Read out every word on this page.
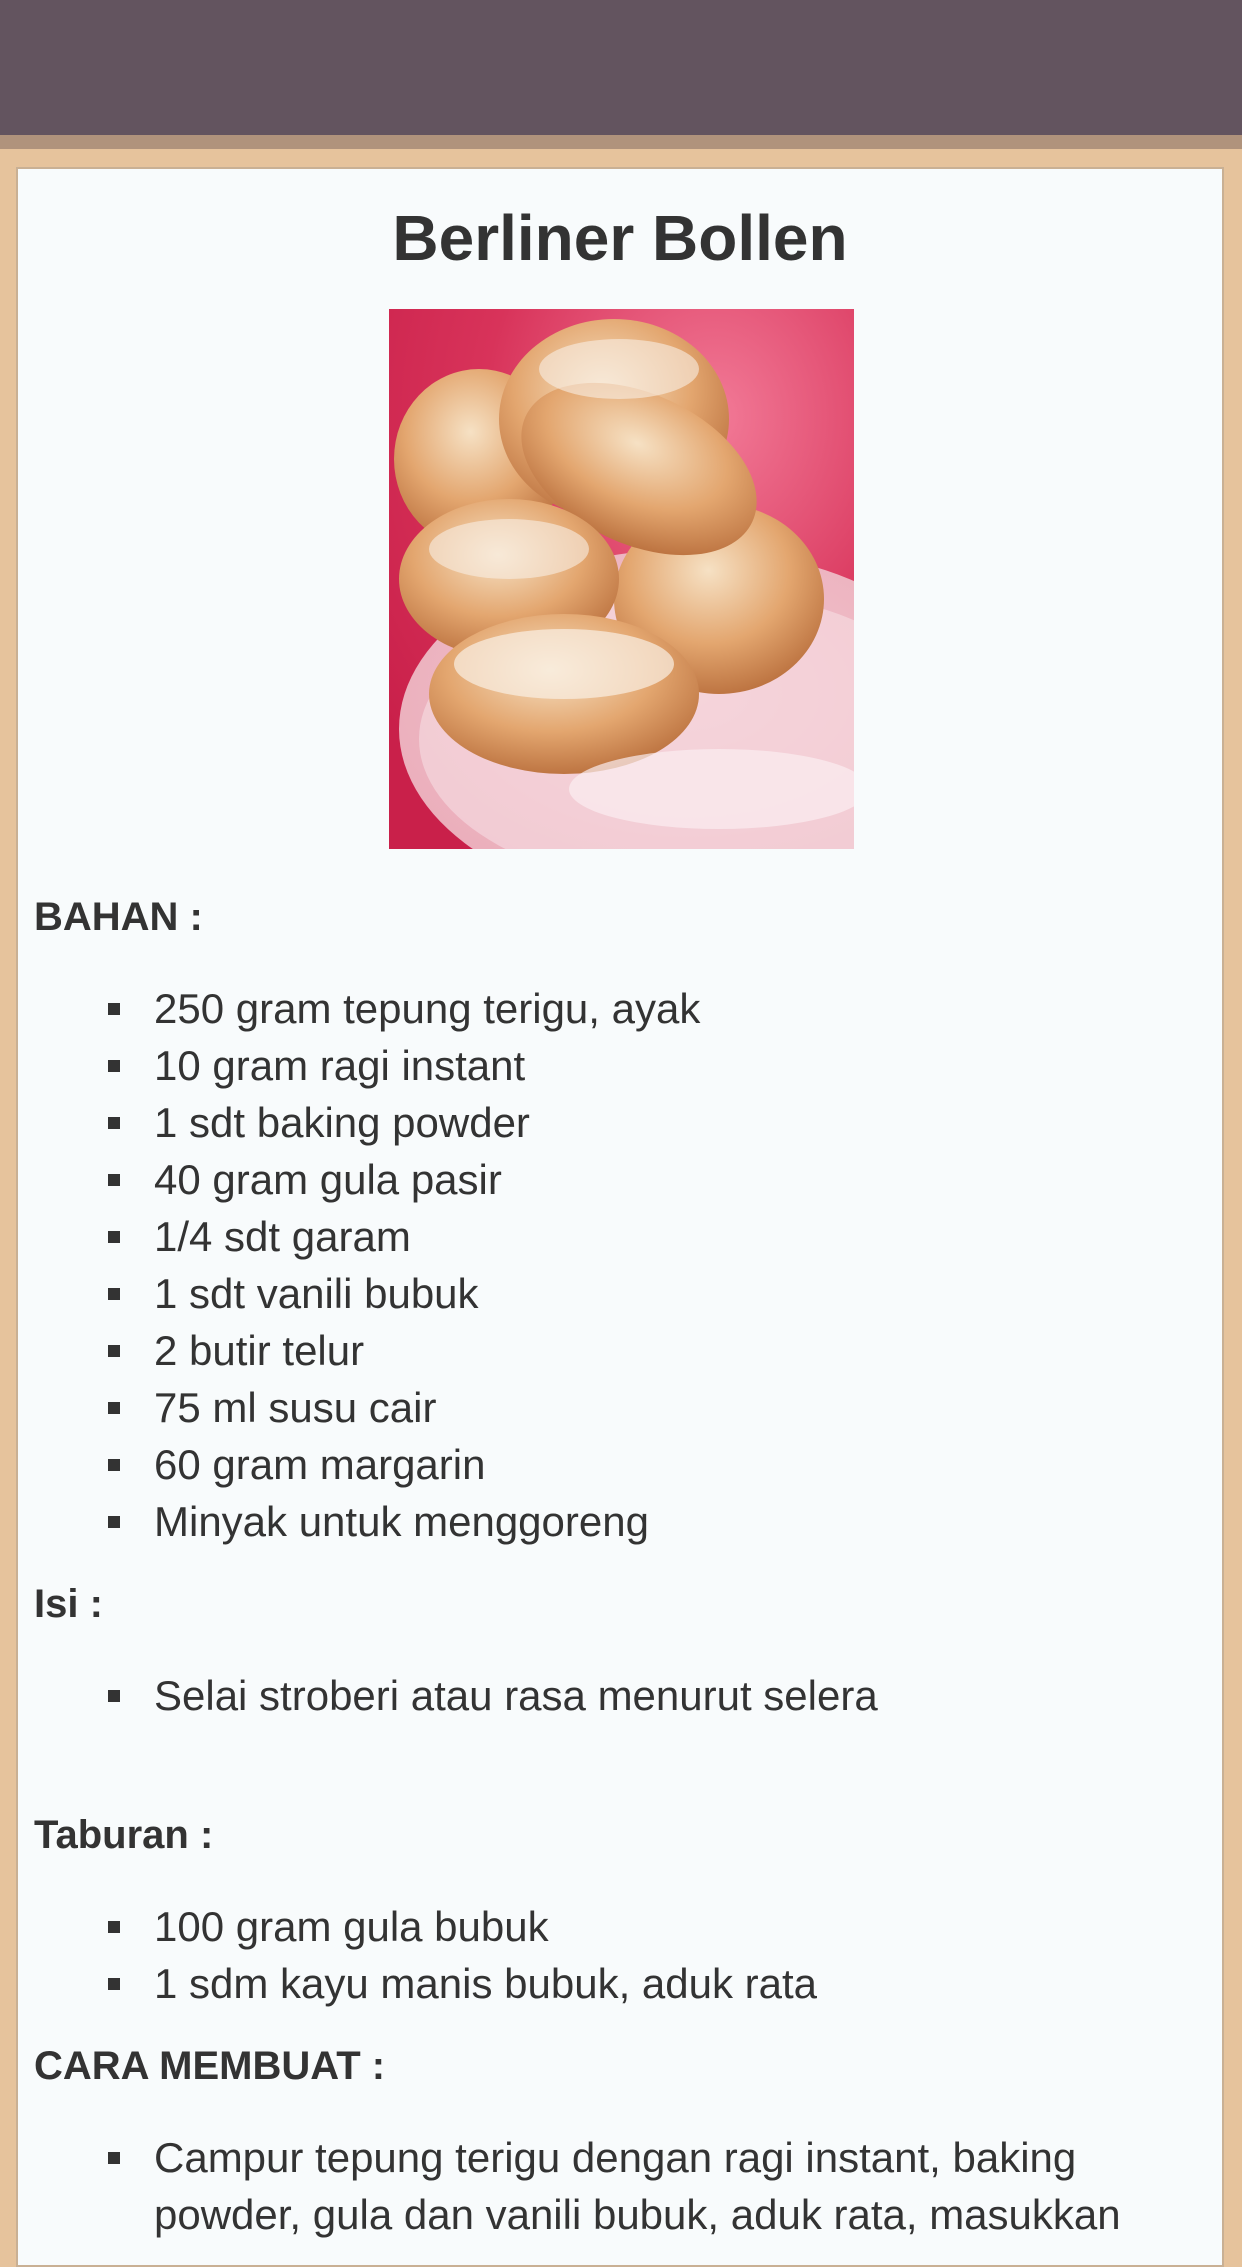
Berliner Bollen
BAHAN :
250 gram tepung terigu, ayak
10 gram ragi instant
1 sdt baking powder
40 gram gula pasir
1/4 sdt garam
1 sdt vanili bubuk
2 butir telur
75 ml susu cair
60 gram margarin
Minyak untuk menggoreng
Isi :
Selai stroberi atau rasa menurut selera
Taburan :
100 gram gula bubuk
1 sdm kayu manis bubuk, aduk rata
CARA MEMBUAT :
Campur tepung terigu dengan ragi instant, baking
powder, gula dan vanili bubuk, aduk rata, masukkan
